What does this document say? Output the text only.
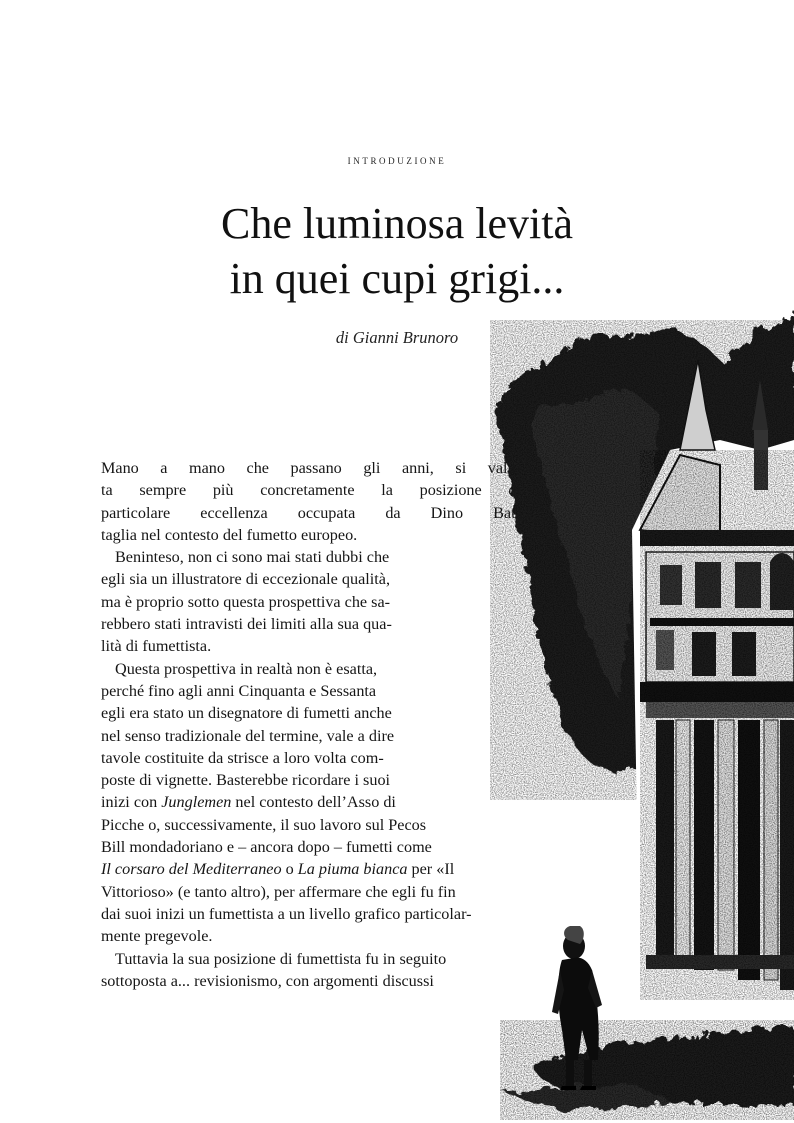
introduzione
Che luminosa levità
in quei cupi grigi...
di Gianni Brunoro
Mano a mano che passano gli anni, si valu-
ta sempre più concretamente la posizione di
particolare eccellenza occupata da Dino Bat-
taglia nel contesto del fumetto europeo.
Beninteso, non ci sono mai stati dubbi che
egli sia un illustratore di eccezionale qualità,
ma è proprio sotto questa prospettiva che sa-
rebbero stati intravisti dei limiti alla sua qua-
lità di fumettista.
Questa prospettiva in realtà non è esatta,
perché fino agli anni Cinquanta e Sessanta
egli era stato un disegnatore di fumetti anche
nel senso tradizionale del termine, vale a dire
tavole costituite da strisce a loro volta com-
poste di vignette. Basterebbe ricordare i suoi
inizi con Junglemen nel contesto dell’Asso di
Picche o, successivamente, il suo lavoro sul Pecos
Bill mondadoriano e – ancora dopo – fumetti come
Il corsaro del Mediterraneo o La piuma bianca per «Il
Vittorioso» (e tanto altro), per affermare che egli fu fin
dai suoi inizi un fumettista a un livello grafico particolar-
mente pregevole.
Tuttavia la sua posizione di fumettista fu in seguito
sottoposta a... revisionismo, con argomenti discussi
